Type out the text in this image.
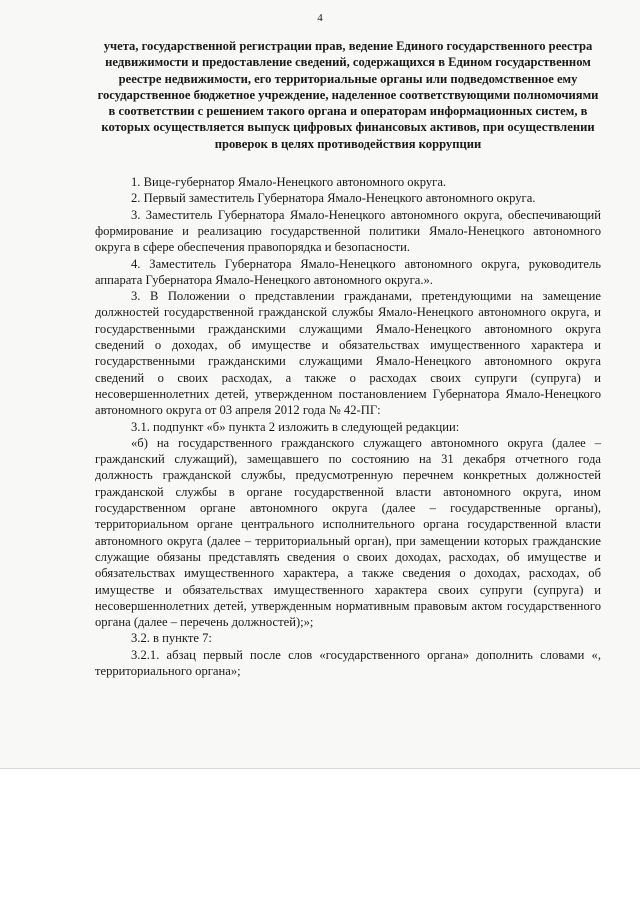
4

учета, государственной регистрации прав, ведение Единого государственного реестра недвижимости и предоставление сведений, содержащихся в Едином государственном реестре недвижимости, его территориальные органы или подведомственное ему государственное бюджетное учреждение, наделенное соответствующими полномочиями в соответствии с решением такого органа и операторам информационных систем, в которых осуществляется выпуск цифровых финансовых активов, при осуществлении проверок в целях противодействия коррупции

1. Вице-губернатор Ямало-Ненецкого автономного округа.

2. Первый заместитель Губернатора Ямало-Ненецкого автономного округа.

3. Заместитель Губернатора Ямало-Ненецкого автономного округа, обеспечивающий формирование и реализацию государственной политики Ямало-Ненецкого автономного округа в сфере обеспечения правопорядка и безопасности.

4. Заместитель Губернатора Ямало-Ненецкого автономного округа, руководитель аппарата Губернатора Ямало-Ненецкого автономного округа.».

3. В Положении о представлении гражданами, претендующими на замещение должностей государственной гражданской службы Ямало-Ненецкого автономного округа, и государственными гражданскими служащими Ямало-Ненецкого автономного округа сведений о доходах, об имуществе и обязательствах имущественного характера и государственными гражданскими служащими Ямало-Ненецкого автономного округа сведений о своих расходах, а также о расходах своих супруги (супруга) и несовершеннолетних детей, утвержденном постановлением Губернатора Ямало-Ненецкого автономного округа от 03 апреля 2012 года № 42-ПГ:

3.1. подпункт «б» пункта 2 изложить в следующей редакции:

«б) на государственного гражданского служащего автономного округа (далее – гражданский служащий), замещавшего по состоянию на 31 декабря отчетного года должность гражданской службы, предусмотренную перечнем конкретных должностей гражданской службы в органе государственной власти автономного округа, ином государственном органе автономного округа (далее – государственные органы), территориальном органе центрального исполнительного органа государственной власти автономного округа (далее – территориальный орган), при замещении которых гражданские служащие обязаны представлять сведения о своих доходах, расходах, об имуществе и обязательствах имущественного характера, а также сведения о доходах, расходах, об имуществе и обязательствах имущественного характера своих супруги (супруга) и несовершеннолетних детей, утвержденным нормативным правовым актом государственного органа (далее – перечень должностей);»;

3.2. в пункте 7:

3.2.1. абзац первый после слов «государственного органа» дополнить словами «, территориального органа»;
